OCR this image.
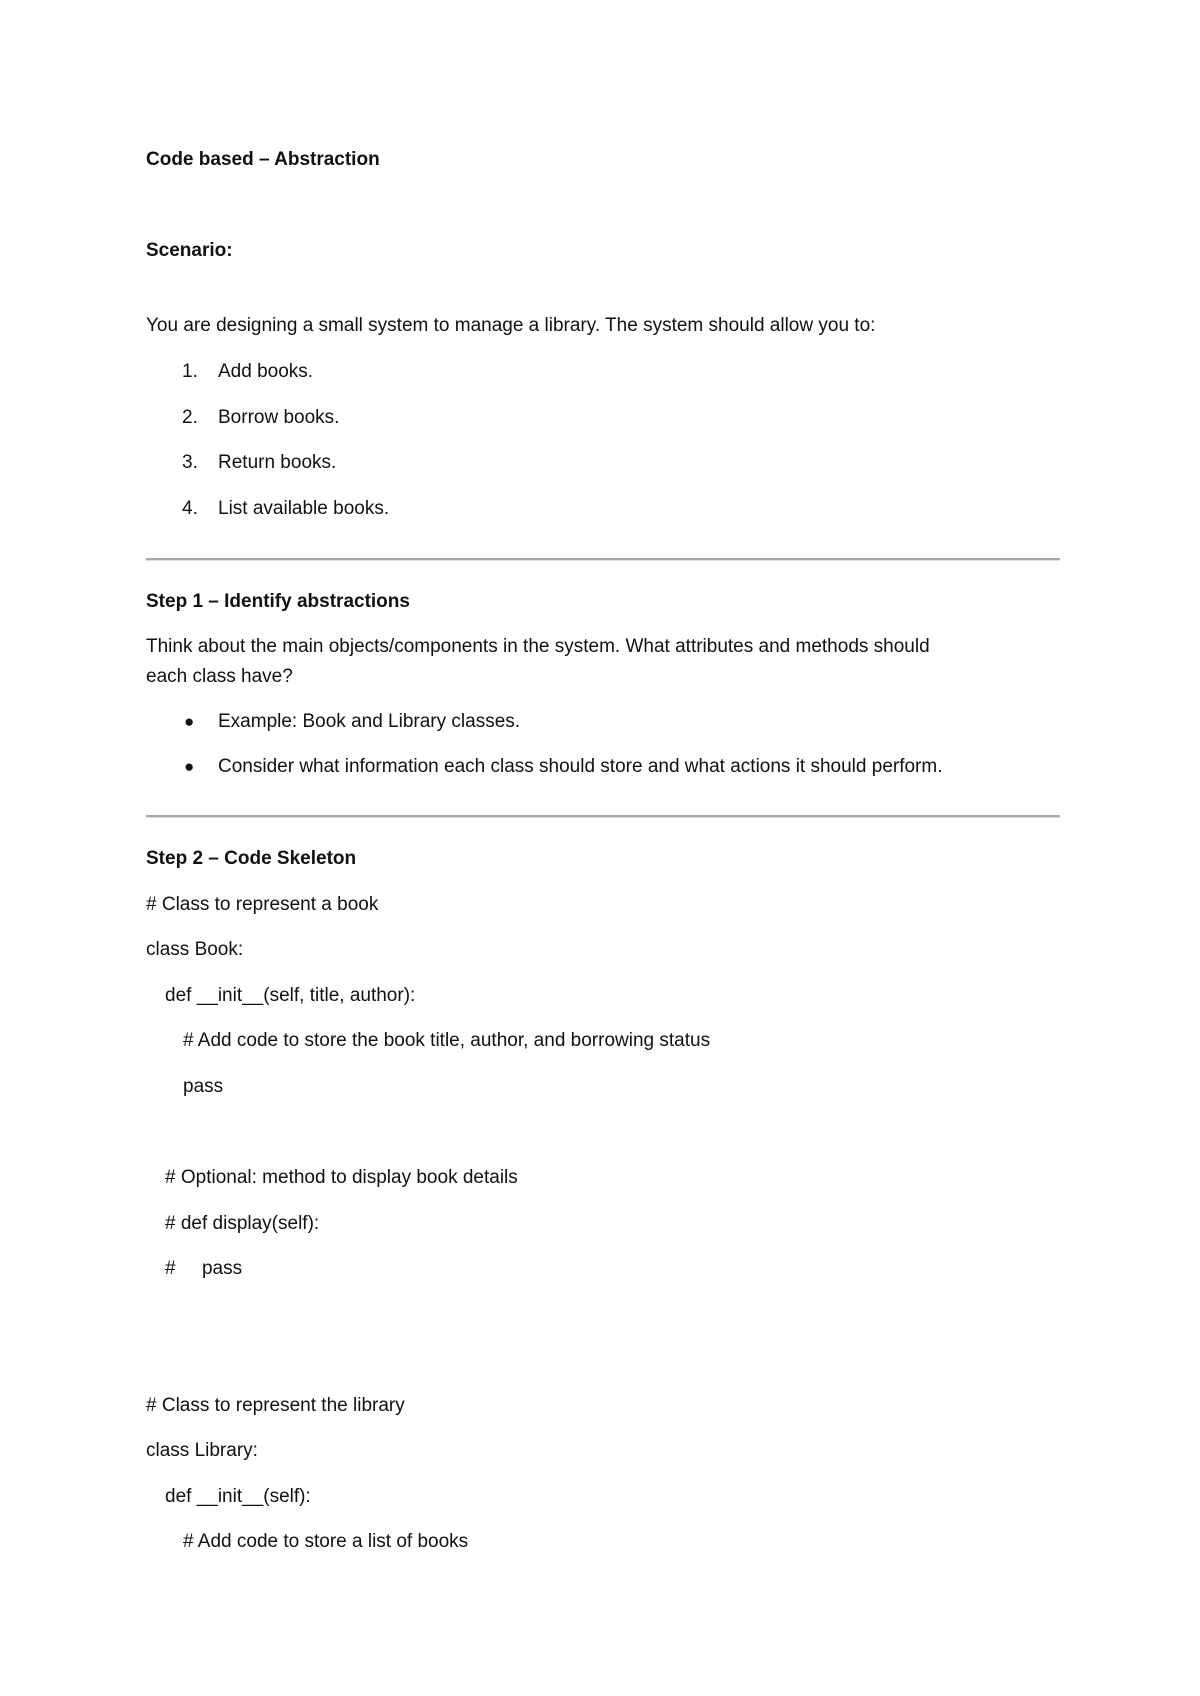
Code based – Abstraction

Scenario:

You are designing a small system to manage a library. The system should allow you to:

1. Add books.
2. Borrow books.
3. Return books.
4. List available books.

Step 1 – Identify abstractions

Think about the main objects/components in the system. What attributes and methods should

each class have?

● Example: Book and Library classes.
● Consider what information each class should store and what actions it should perform.

Step 2 – Code Skeleton

# Class to represent a book

class Book:

def __init__(self, title, author):

# Add code to store the book title, author, and borrowing status

pass

# Optional: method to display book details

# def display(self):

#     pass

# Class to represent the library

class Library:

def __init__(self):

# Add code to store a list of books
